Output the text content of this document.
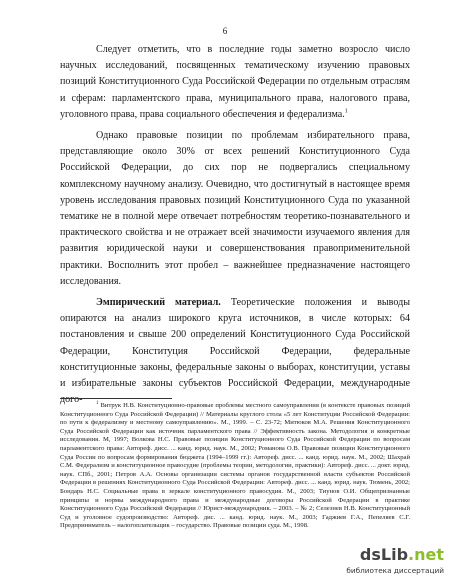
6

Следует отметить, что в последние годы заметно возросло число научных исследований, посвященных тематическому изучению правовых позиций Конституционного Суда Российской Федерации по отдельным отраслям и сферам: парламентского права, муниципального права, налогового права, уголовного права, права социального обеспечения и федерализма.$^1$

Однако правовые позиции по проблемам избирательного права, представляющие около 30% от всех решений Конституционного Суда Российской Федерации, до сих пор не подвергались специальному комплексному научному анализу. Очевидно, что достигнутый в настоящее время уровень исследования правовых позиций Конституционного Суда по указанной тематике не в полной мере отвечает потребностям теоретико-познавательного и практического свойства и не отражает всей значимости изучаемого явления для развития юридической науки и совершенствования правоприменительной практики. Восполнить этот пробел – важнейшее предназначение настоящего исследования.

Эмпирический материал. Теоретические положения и выводы опираются на анализ широкого круга источников, в числе которых: 64 постановления и свыше 200 определений Конституционного Суда Российской Федерации, Конституция Российской Федерации, федеральные конституционные законы, федеральные законы о выборах, конституции, уставы и избирательные законы субъектов Российской Федерации, международные дого-	$^1$ Витрук Н.В. Конституционно-правовые проблемы местного самоуправления (в контексте правовых позиций Конституционного Суда Российской Федерации) // Материалы круглого стола «5 лет Конституции Российской Федерации: по пути к федерализму и местному самоуправлению». М., 1999. – С. 23-72; Митюков М.А. Решения Конституционного Суда Российской Федерации как источник парламентского права // Эффективность закона. Методология и конкретные исследования. М, 1997; Волкова Н.С. Правовые позиции Конституционного Суда Российской Федерации по вопросам парламентского права: Автореф. дисс. ... канд. юрид. наук. М., 2002; Романова О.В. Правовые позиции Конституционного Суда России по вопросам формирования бюджета (1994–1999 гг.): Автореф. дисс. ... канд. юрид. наук. М., 2002; Шахрай С.М. Федерализм и конституционное правосудие (проблемы теории, методологии, практики): Автореф. дисс. ... докт. юрид. наук. СПб., 2001; Петров А.А. Основы организации системы органов государственной власти субъектов Российской Федерации в решениях Конституционного Суда Российской Федерации: Автореф. дисс. ... канд. юрид. наук. Тюмень, 2002; Бондарь Н.С. Социальные права в зеркале конституционного правосудия. М., 2003; Тиунов О.И. Общепризнанные принципы и нормы международного права и международные договоры Российской Федерации в практике Конституционного Суда Российской Федерации // Юрист-международник. – 2003. – № 2; Селезнев Н.В. Конституционный Суд и уголовное судопроизводство: Автореф. дис. ... канд. юрид. наук. М., 2003; Гаджиев Г.А., Пепеляев С.Г. Предприниматель – налогоплательщик – государство. Правовые позиции суда. М., 1998.

dsLib.net
библиотека диссертаций
